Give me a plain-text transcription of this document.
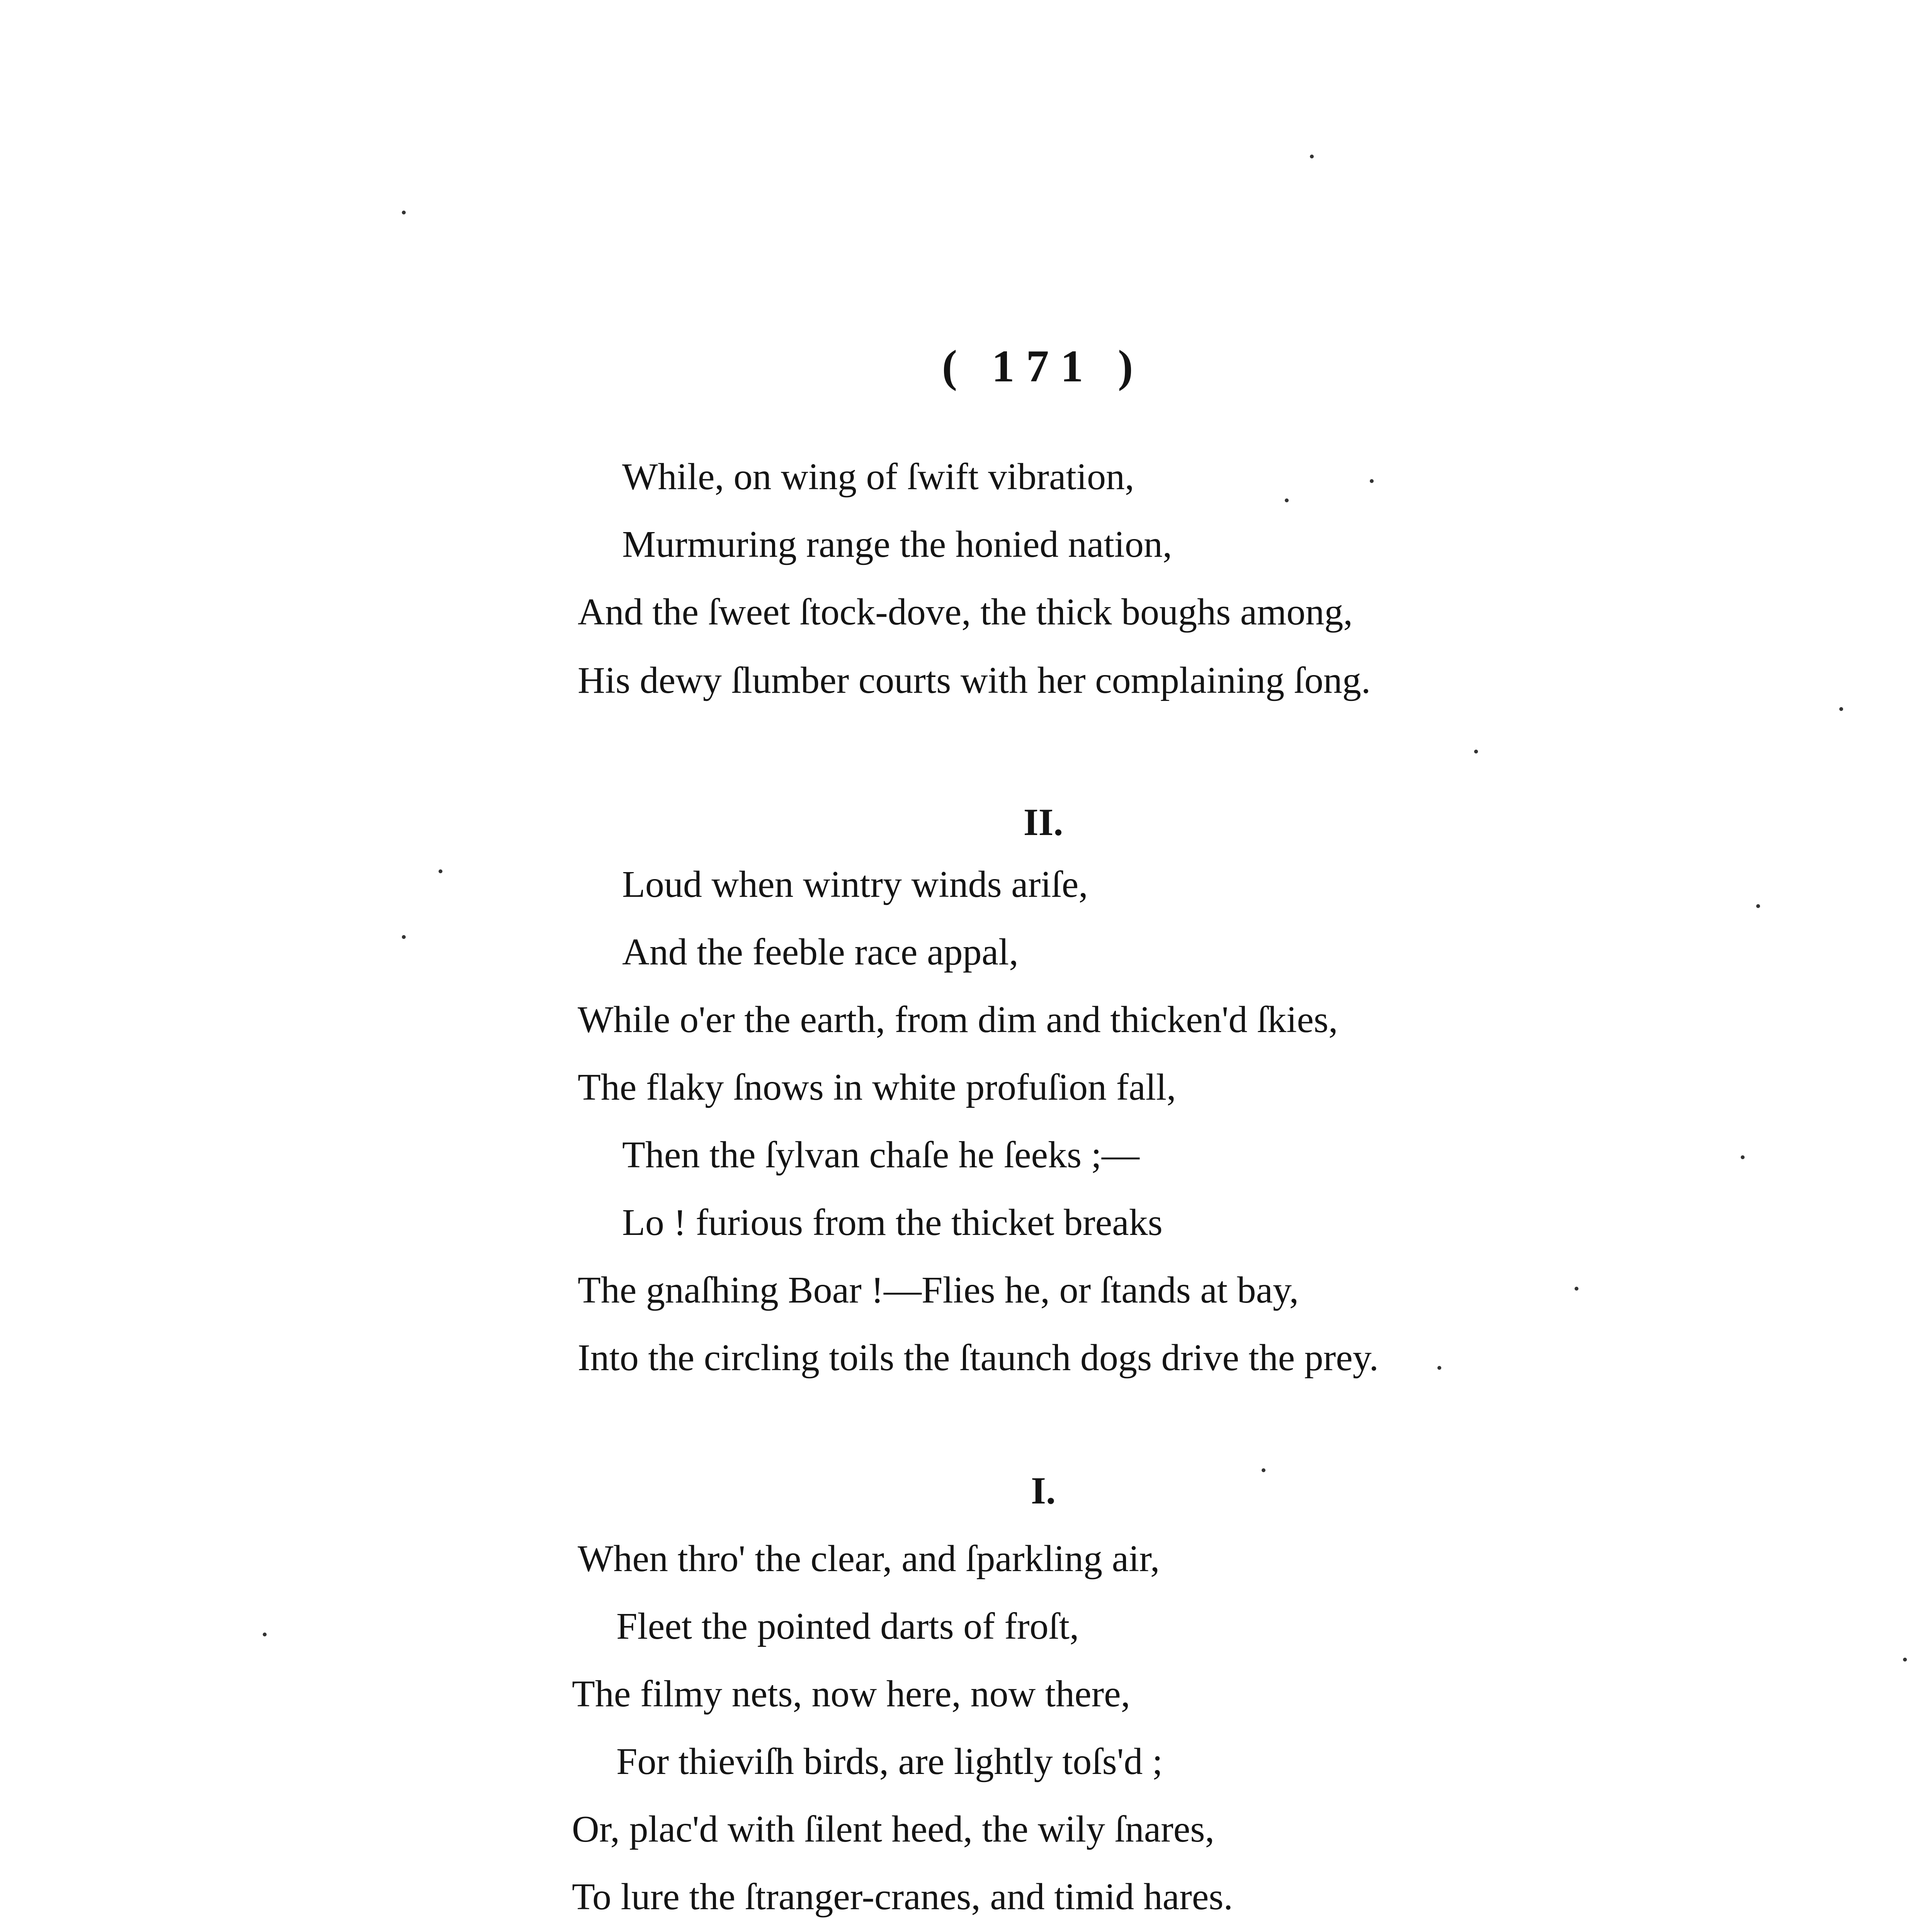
( 171 )
While, on wing of ſwift vibration,
Murmuring range the honied nation,
And the ſweet ſtock-dove, the thick boughs among,
His dewy ſlumber courts with her complaining ſong.
II.
Loud when wintry winds ariſe,
And the feeble race appal,
While o'er the earth, from dim and thicken'd ſkies,
The flaky ſnows in white profuſion fall,
Then the ſylvan chaſe he ſeeks ;—
Lo ! furious from the thicket breaks
The gnaſhing Boar !—Flies he, or ſtands at bay,
Into the circling toils the ſtaunch dogs drive the prey.
I.
When thro' the clear, and ſparkling air,
Fleet the pointed darts of froſt,
The filmy nets, now here, now there,
For thieviſh birds, are lightly toſs'd ;
Or, plac'd with ſilent heed, the wily ſnares,
To lure the ſtranger-cranes, and timid hares.
